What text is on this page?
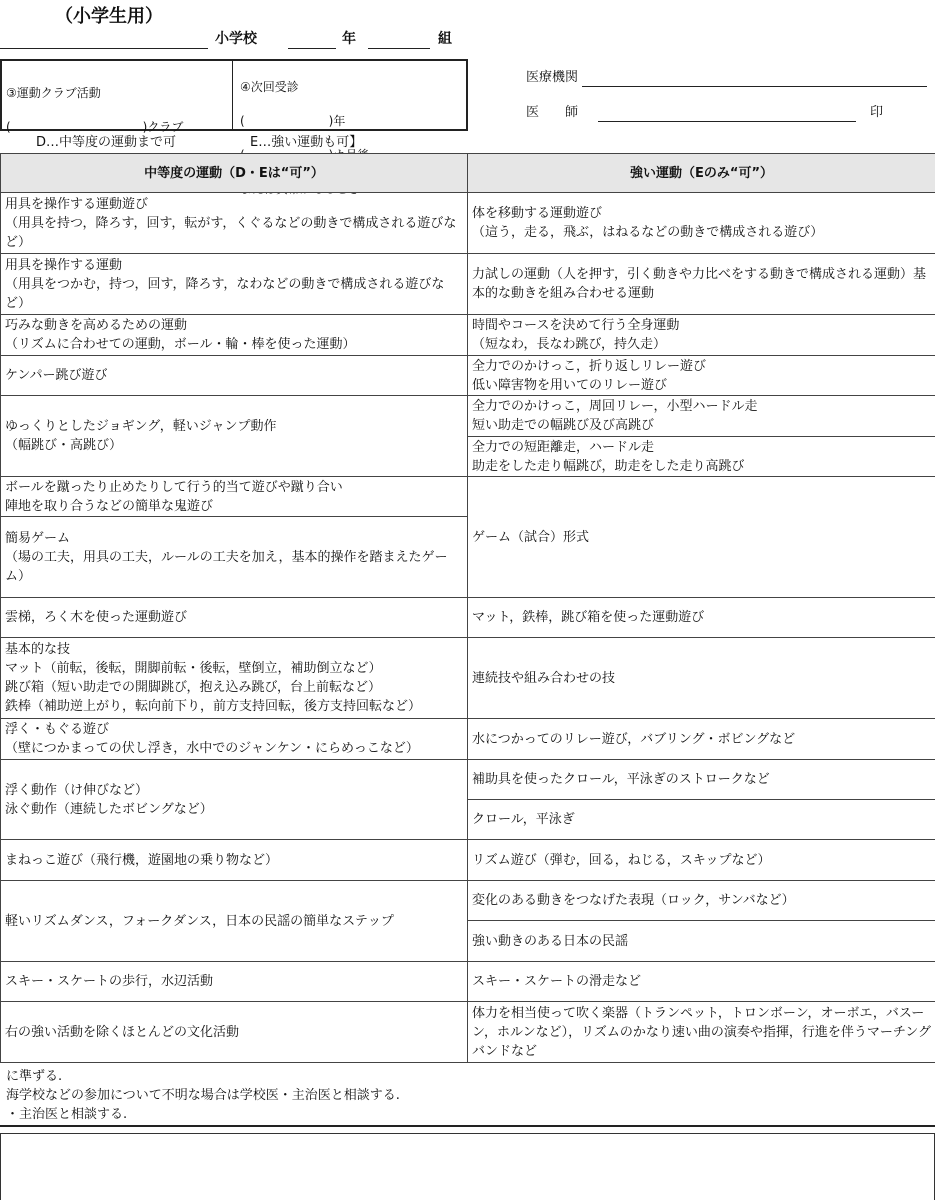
（小学生用）
小学校	年	組

③運動クラブ活動

(　　　　　　　　　　　)クラブ

④次回受診

(　　　　　　　)年

医療機関
医　　師	印
D…中等度の運動まで可	E…強い運動も可】
中等度の運動（D・Eは“可”）	強い運動（Eのみ“可”）
用具を操作する運動遊び
（用具を持つ，降ろす，回す，転がす，くぐるなどの動きで構成される遊びなど）	体を移動する運動遊び
（這う，走る，飛ぶ，はねるなどの動きで構成される遊び）
用具を操作する運動
（用具をつかむ，持つ，回す，降ろす，なわなどの動きで構成される遊びなど）	力試しの運動（人を押す，引く動きや力比べをする動きで構成される運動）基本的な動きを組み合わせる運動
巧みな動きを高めるための運動
（リズムに合わせての運動，ボール・輪・棒を使った運動）	時間やコースを決めて行う全身運動
（短なわ，長なわ跳び，持久走）
ケンパー跳び遊び	全力でのかけっこ，折り返しリレー遊び
低い障害物を用いてのリレー遊び
ゆっくりとしたジョギング，軽いジャンプ動作
（幅跳び・高跳び）	全力でのかけっこ，周回リレー，小型ハードル走
短い助走での幅跳び及び高跳び
	全力での短距離走，ハードル走
助走をした走り幅跳び，助走をした走り高跳び
ボールを蹴ったり止めたりして行う的当て遊びや蹴り合い
陣地を取り合うなどの簡単な鬼遊び	ゲーム（試合）形式
簡易ゲーム
（場の工夫，用具の工夫，ルールの工夫を加え，基本的操作を踏まえたゲーム）	
雲梯，ろく木を使った運動遊び	マット，鉄棒，跳び箱を使った運動遊び
基本的な技
マット（前転，後転，開脚前転・後転，壁倒立，補助倒立など）
跳び箱（短い助走での開脚跳び，抱え込み跳び，台上前転など）
鉄棒（補助逆上がり，転向前下り，前方支持回転，後方支持回転など）	連続技や組み合わせの技
浮く・もぐる遊び
（壁につかまっての伏し浮き，水中でのジャンケン・にらめっこなど）	水につかってのリレー遊び，バブリング・ボビングなど
浮く動作（け伸びなど）
泳ぐ動作（連続したボビングなど）	補助具を使ったクロール，平泳ぎのストロークなど
	クロール，平泳ぎ
まねっこ遊び（飛行機，遊園地の乗り物など）	リズム遊び（弾む，回る，ねじる，スキップなど）
軽いリズムダンス，フォークダンス，日本の民謡の簡単なステップ	変化のある動きをつなげた表現（ロック，サンバなど）
	強い動きのある日本の民謡
スキー・スケートの歩行，水辺活動	スキー・スケートの滑走など
右の強い活動を除くほとんどの文化活動	体力を相当使って吹く楽器（トランペット，トロンボーン，オーボエ，バスーン，ホルンなど），リズムのかなり速い曲の演奏や指揮，行進を伴うマーチングバンドなど
に準ずる.
海学校などの参加について不明な場合は学校医・主治医と相談する.
・主治医と相談する.
